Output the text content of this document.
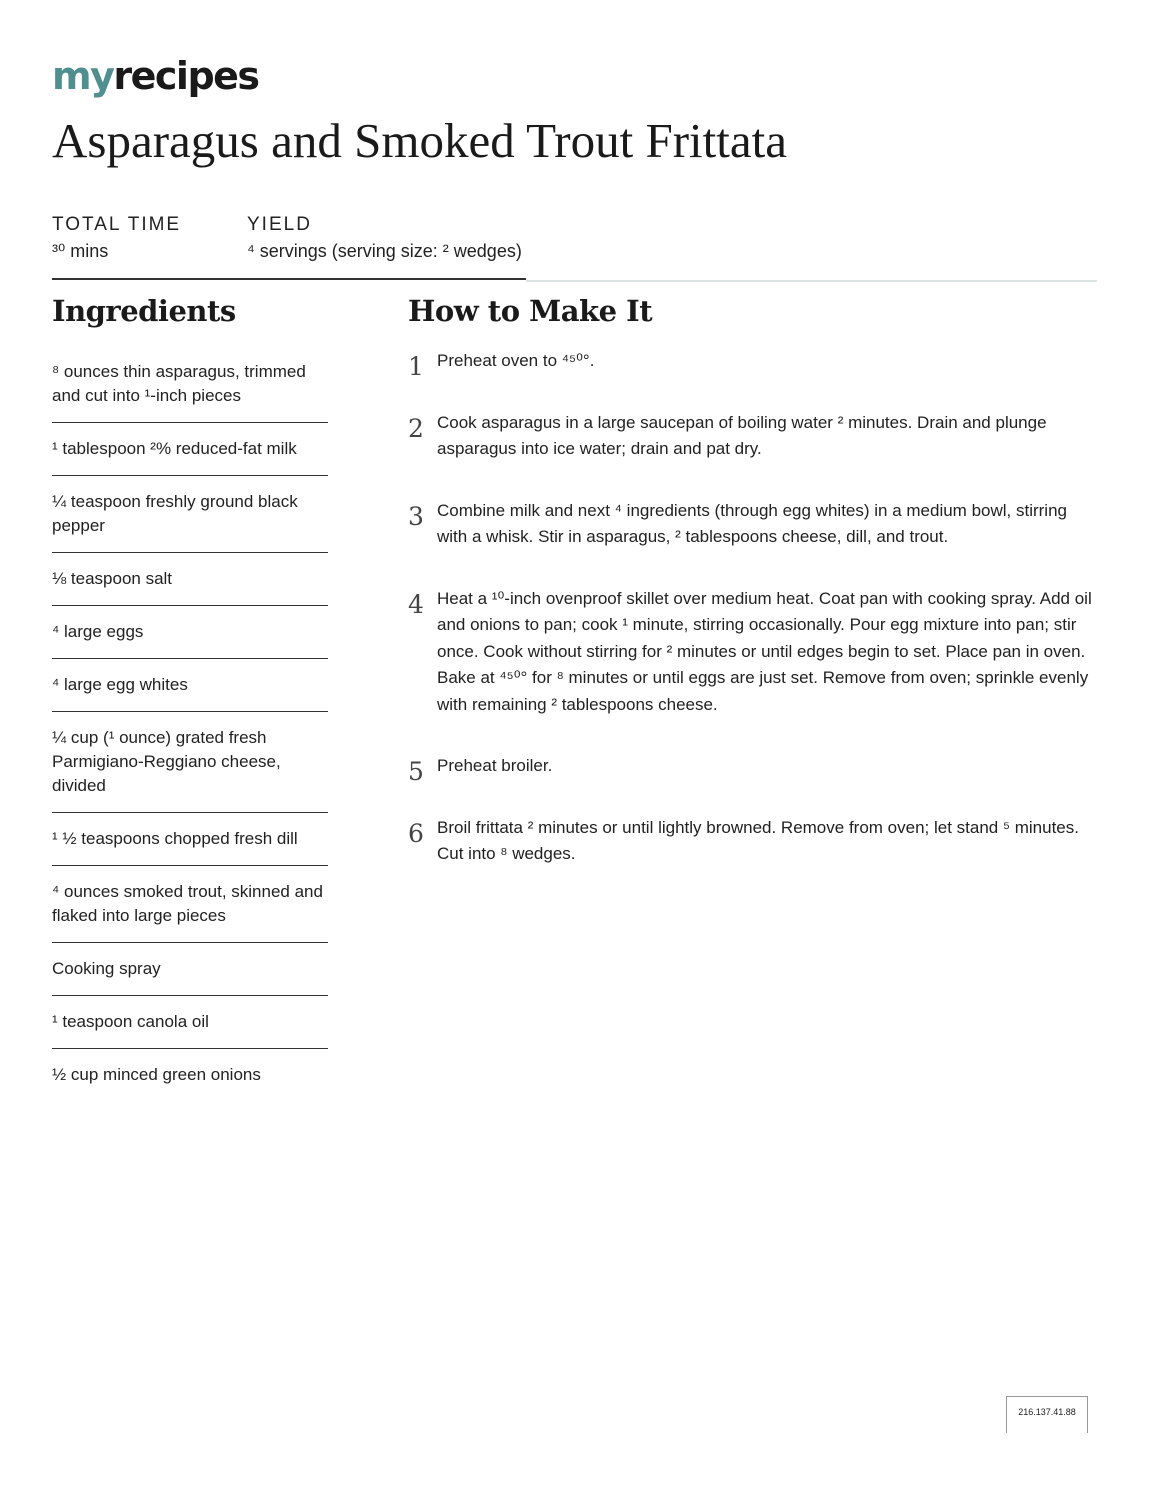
myrecipes
Asparagus and Smoked Trout Frittata
TOTAL TIME	YIELD
³⁰ mins	⁴ servings (serving size: ² wedges)
Ingredients	How to Make It
⁸ ounces thin asparagus, trimmed and cut into ¹-inch pieces
¹ tablespoon ²% reduced-fat milk
¼ teaspoon freshly ground black pepper
⅛ teaspoon salt
⁴ large eggs
⁴ large egg whites
¼ cup (¹ ounce) grated fresh Parmigiano-Reggiano cheese, divided
¹ ½ teaspoons chopped fresh dill
⁴ ounces smoked trout, skinned and flaked into large pieces
Cooking spray
¹ teaspoon canola oil
½ cup minced green onions
1 Preheat oven to ⁴⁵⁰°.
2 Cook asparagus in a large saucepan of boiling water ² minutes. Drain and plunge asparagus into ice water; drain and pat dry.
3 Combine milk and next ⁴ ingredients (through egg whites) in a medium bowl, stirring with a whisk. Stir in asparagus, ² tablespoons cheese, dill, and trout.
4 Heat a ¹⁰-inch ovenproof skillet over medium heat. Coat pan with cooking spray. Add oil and onions to pan; cook ¹ minute, stirring occasionally. Pour egg mixture into pan; stir once. Cook without stirring for ² minutes or until edges begin to set. Place pan in oven. Bake at ⁴⁵⁰° for ⁸ minutes or until eggs are just set. Remove from oven; sprinkle evenly with remaining ² tablespoons cheese.
5 Preheat broiler.
6 Broil frittata ² minutes or until lightly browned. Remove from oven; let stand ⁵ minutes. Cut into ⁸ wedges.
216.137.41.88
